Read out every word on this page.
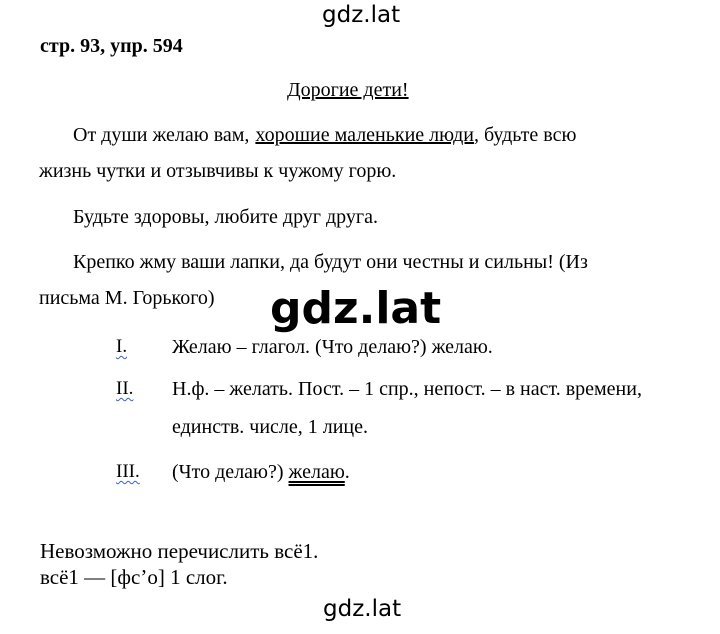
gdz.lat
стр. 93, упр. 594
Дорогие дети!
От души желаю вам, хорошие маленькие люди, будьте всю
жизнь чутки и отзывчивы к чужому горю.
Будьте здоровы, любите друг друга.
Крепко жму ваши лапки, да будут они честны и сильны! (Из
письма М. Горького) gdz.lat
I. Желаю – глагол. (Что делаю?) желаю.
II. Н.ф. – желать. Пост. – 1 спр., непост. – в наст. времени,
единств. числе, 1 лице.
III. (Что делаю?) желаю.
Невозможно перечислить всё1.
всё1 — [фс’о] 1 слог.
gdz.lat
